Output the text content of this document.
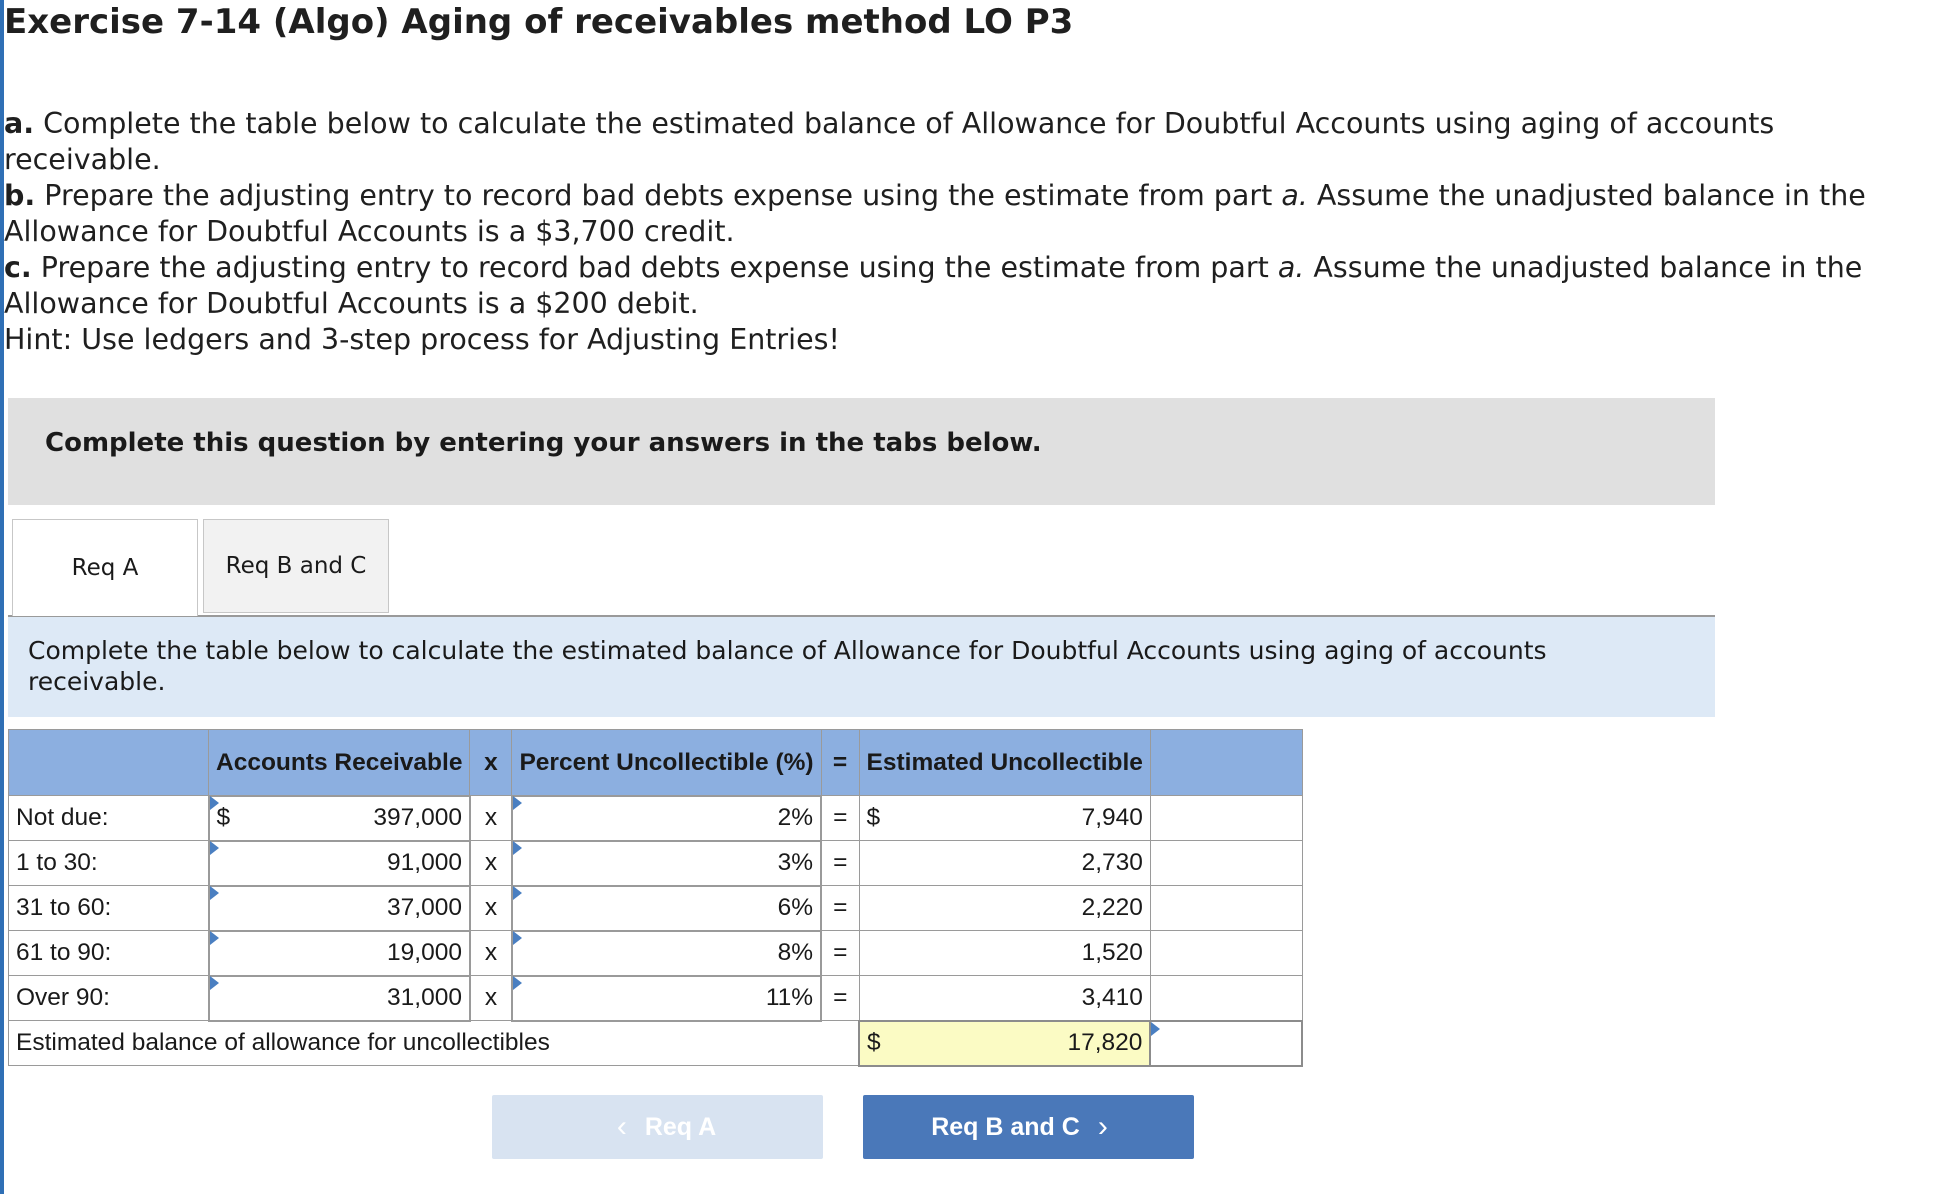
Exercise 7-14 (Algo) Aging of receivables method LO P3

a. Complete the table below to calculate the estimated balance of Allowance for Doubtful Accounts using aging of accounts receivable.

b. Prepare the adjusting entry to record bad debts expense using the estimate from part a. Assume the unadjusted balance in the Allowance for Doubtful Accounts is a $3,700 credit.

c. Prepare the adjusting entry to record bad debts expense using the estimate from part a. Assume the unadjusted balance in the Allowance for Doubtful Accounts is a $200 debit.

Hint: Use ledgers and 3-step process for Adjusting Entries!

Complete this question by entering your answers in the tabs below.
Req A	Req B and C
Complete the table below to calculate the estimated balance of Allowance for Doubtful Accounts using aging of accounts receivable.
	Accounts Receivable	x	Percent Uncollectible (%)	=	Estimated Uncollectible	
Not due:	$ 397,000	x	2%	=	$ 7,940	

1 to 30:	91,000	x	3%	=	2,730	
31 to 60:	37,000	x	6%	=	2,220	
61 to 90:	19,000	x	8%	=	1,520	
Over 90:	31,000	x	11%	=	3,410	
Estimated balance of allowance for uncollectibles					$ 17,820	

‹ Req A	Req B and C ›
